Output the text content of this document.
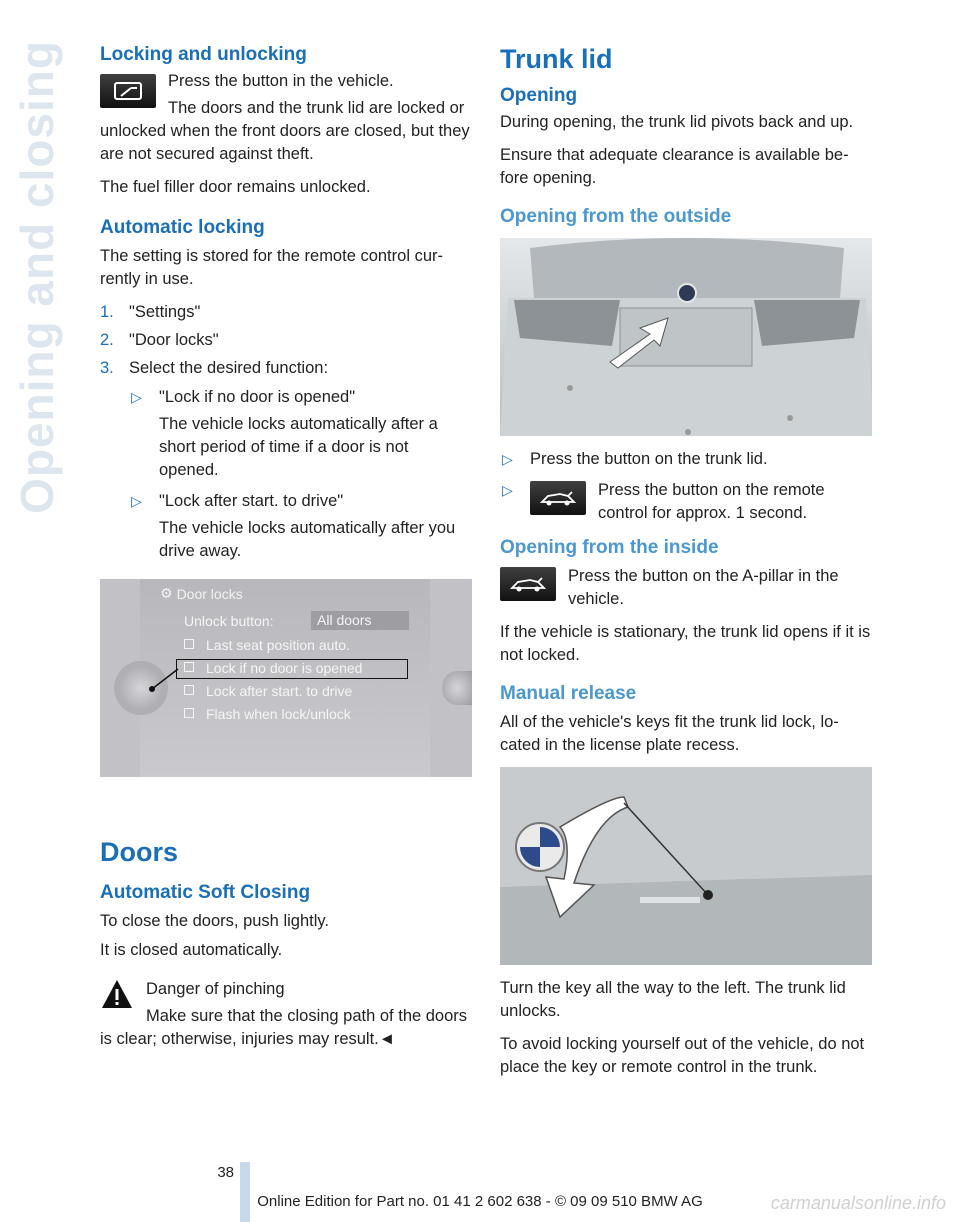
Opening and closing Locking and unlocking

Press the button in the vehicle.

The doors and the trunk lid are locked or unlocked when the front doors are closed, but they are not secured against theft.

The fuel filler door remains unlocked.

Automatic locking

The setting is stored for the remote control cur-rently in use.

1. "Settings"
2. "Door locks"
3. Select the desired function:
▷ "Lock if no door is opened"

The vehicle locks automatically after a short period of time if a door is not opened.

▷ "Lock after start. to drive"

The vehicle locks automatically after you drive away.

⚙ Door locks
Unlock button:	All doors
Last seat position auto.
Lock if no door is opened
Lock after start. to drive
Flash when lock/unlock
Doors
Automatic Soft Closing

To close the doors, push lightly.

It is closed automatically.

Danger of pinching

Make sure that the closing path of the doors is clear; otherwise, injuries may result.◄

Trunk lid
Opening

During opening, the trunk lid pivots back and up.

Ensure that adequate clearance is available be-fore opening.

Opening from the outside
▷ Press the button on the trunk lid.
▷	Press the button on the remote control for approx. 1 second.
Opening from the inside

Press the button on the A-pillar in the vehicle.

If the vehicle is stationary, the trunk lid opens if it is not locked.

Manual release

All of the vehicle's keys fit the trunk lid lock, lo-cated in the license plate recess.

Turn the key all the way to the left. The trunk lid unlocks.

To avoid locking yourself out of the vehicle, do not place the key or remote control in the trunk.

38
Online Edition for Part no. 01 41 2 602 638 - © 09 09 510 BMW AG	carmanualsonline.info
